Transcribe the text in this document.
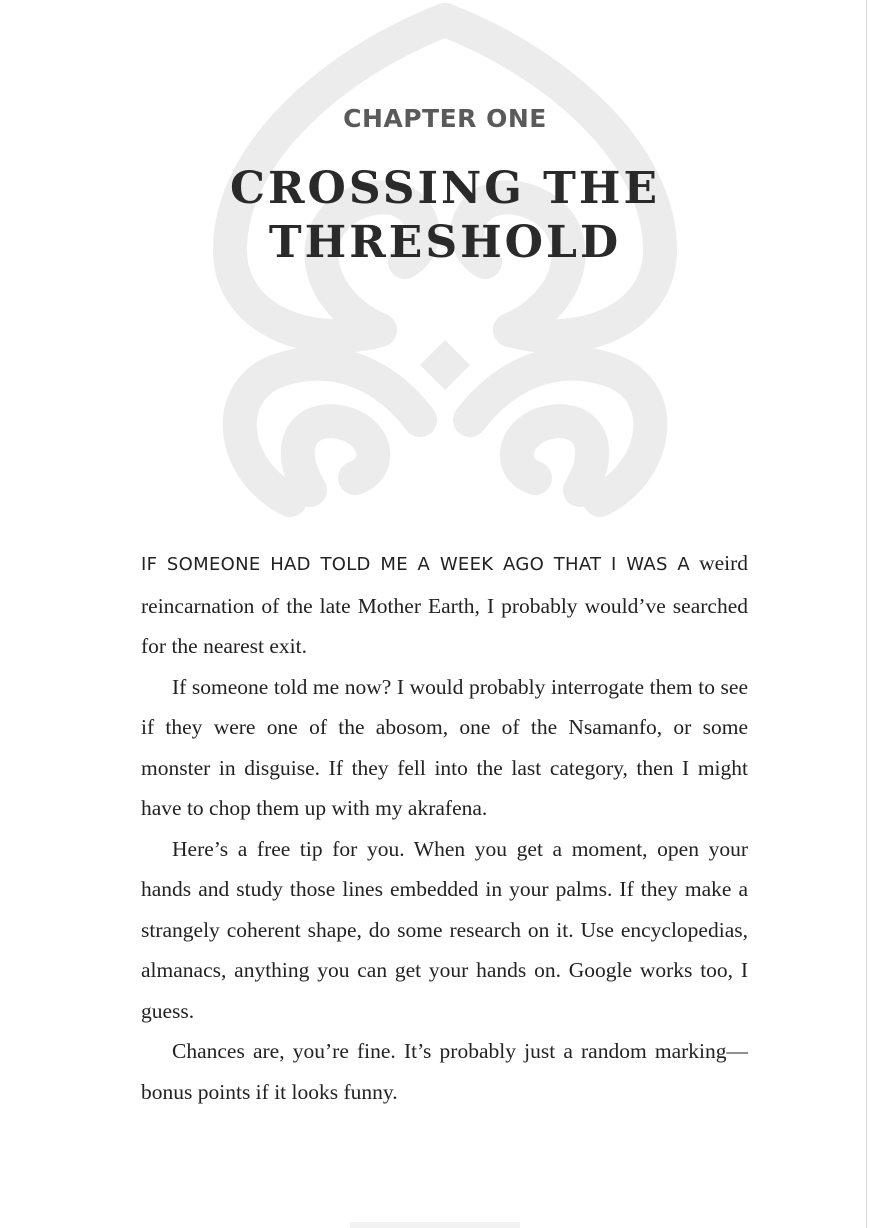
CHAPTER ONE
CROSSING THE
THRESHOLD

IF SOMEONE HAD TOLD ME A WEEK AGO THAT I WAS A weird reincarnation of the late Mother Earth, I probably would’ve searched for the nearest exit.

If someone told me now? I would probably interrogate them to see if they were one of the abosom, one of the Nsamanfo, or some monster in disguise. If they fell into the last category, then I might have to chop them up with my akrafena.

Here’s a free tip for you. When you get a moment, open your hands and study those lines embedded in your palms. If they make a strangely coherent shape, do some research on it. Use encyclopedias, almanacs, anything you can get your hands on. Google works too, I guess.

Chances are, you’re fine. It’s probably just a random marking—bonus points if it looks funny.
